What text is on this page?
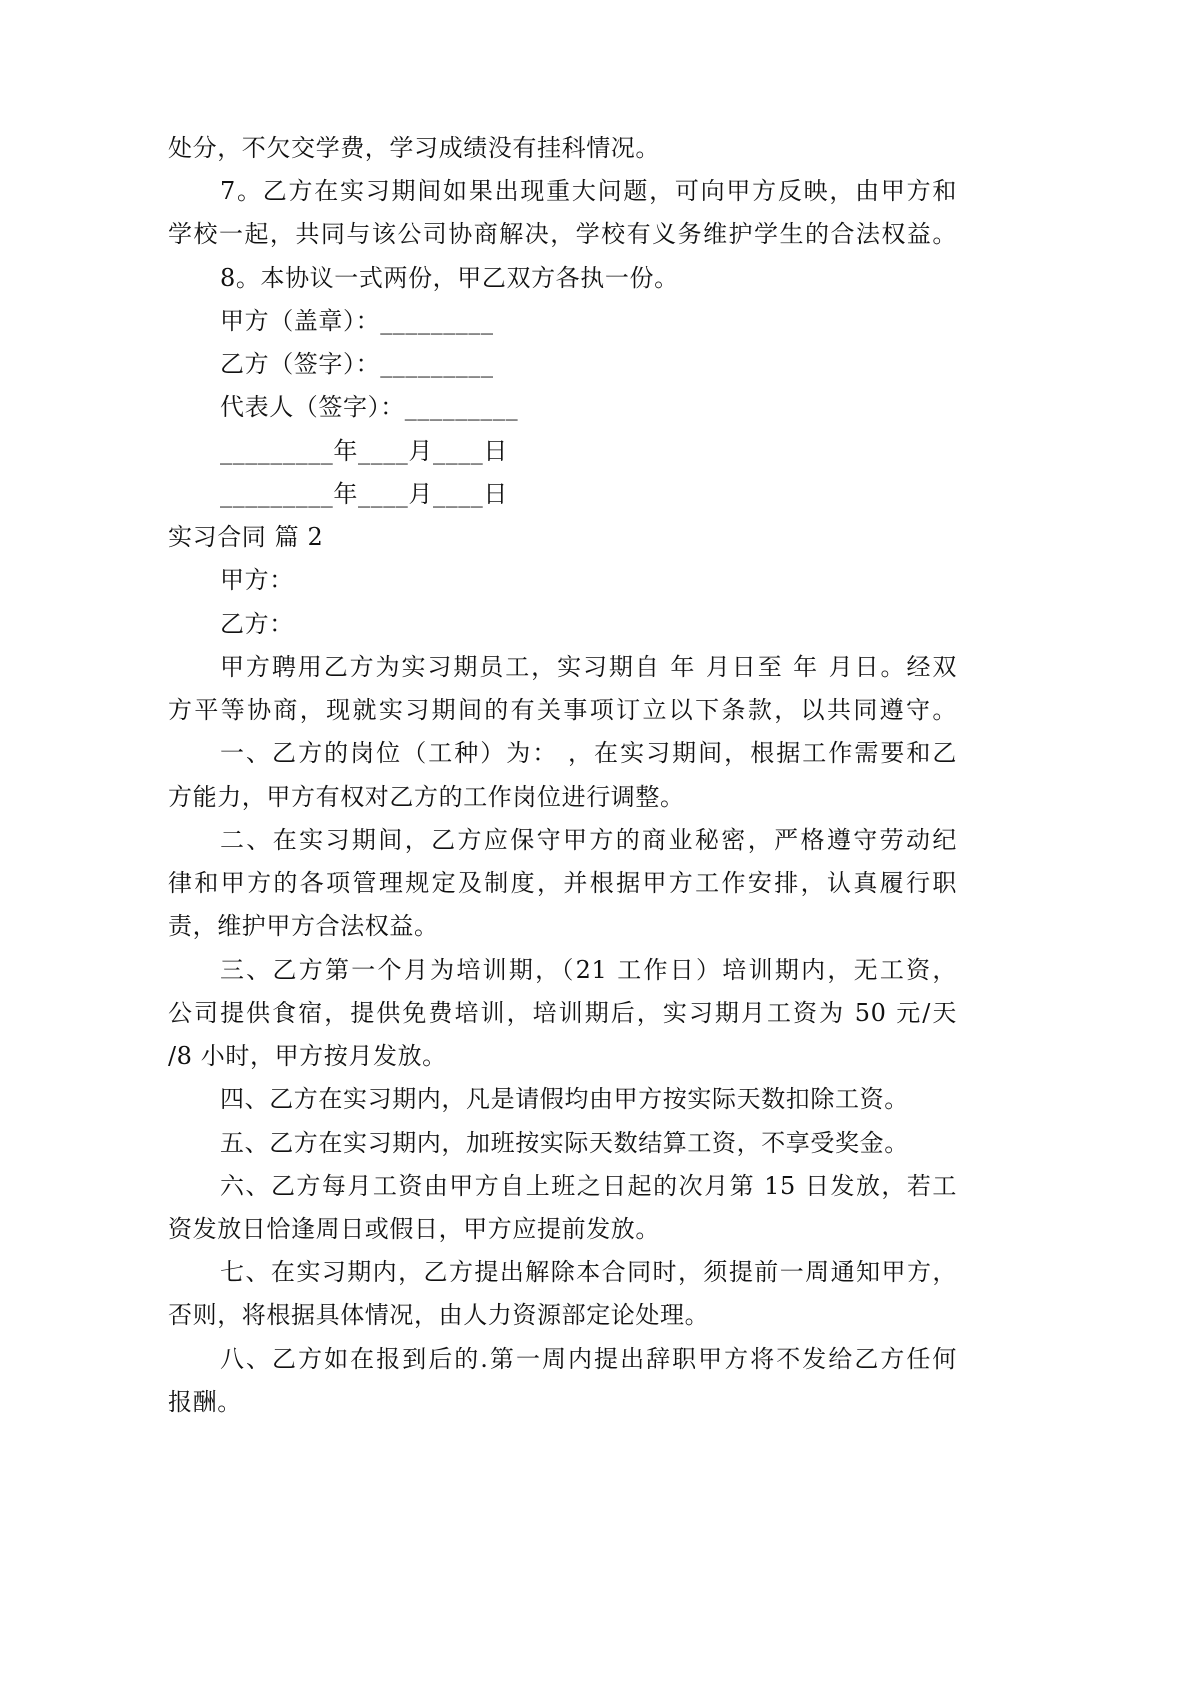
处分，不欠交学费，学习成绩没有挂科情况。
7。乙方在实习期间如果出现重大问题，可向甲方反映，由甲方和
学校一起，共同与该公司协商解决，学校有义务维护学生的合法权益。
8。本协议一式两份，甲乙双方各执一份。
甲方（盖章）：_________
乙方（签字）：_________
代表人（签字）：_________
_________年____月____日
_________年____月____日
实习合同 篇 2
甲方：
乙方：
甲方聘用乙方为实习期员工，实习期自 年 月日至 年 月日。经双
方平等协商，现就实习期间的有关事项订立以下条款，以共同遵守。
一、乙方的岗位（工种）为： ，在实习期间，根据工作需要和乙
方能力，甲方有权对乙方的工作岗位进行调整。
二、在实习期间，乙方应保守甲方的商业秘密，严格遵守劳动纪
律和甲方的各项管理规定及制度，并根据甲方工作安排，认真履行职
责，维护甲方合法权益。
三、乙方第一个月为培训期，（21 工作日）培训期内，无工资，
公司提供食宿，提供免费培训，培训期后，实习期月工资为 50 元/天
/8 小时，甲方按月发放。
四、乙方在实习期内，凡是请假均由甲方按实际天数扣除工资。
五、乙方在实习期内，加班按实际天数结算工资，不享受奖金。
六、乙方每月工资由甲方自上班之日起的次月第 15 日发放，若工
资发放日恰逢周日或假日，甲方应提前发放。
七、在实习期内，乙方提出解除本合同时，须提前一周通知甲方，
否则，将根据具体情况，由人力资源部定论处理。
八、乙方如在报到后的.第一周内提出辞职甲方将不发给乙方任何
报酬。
